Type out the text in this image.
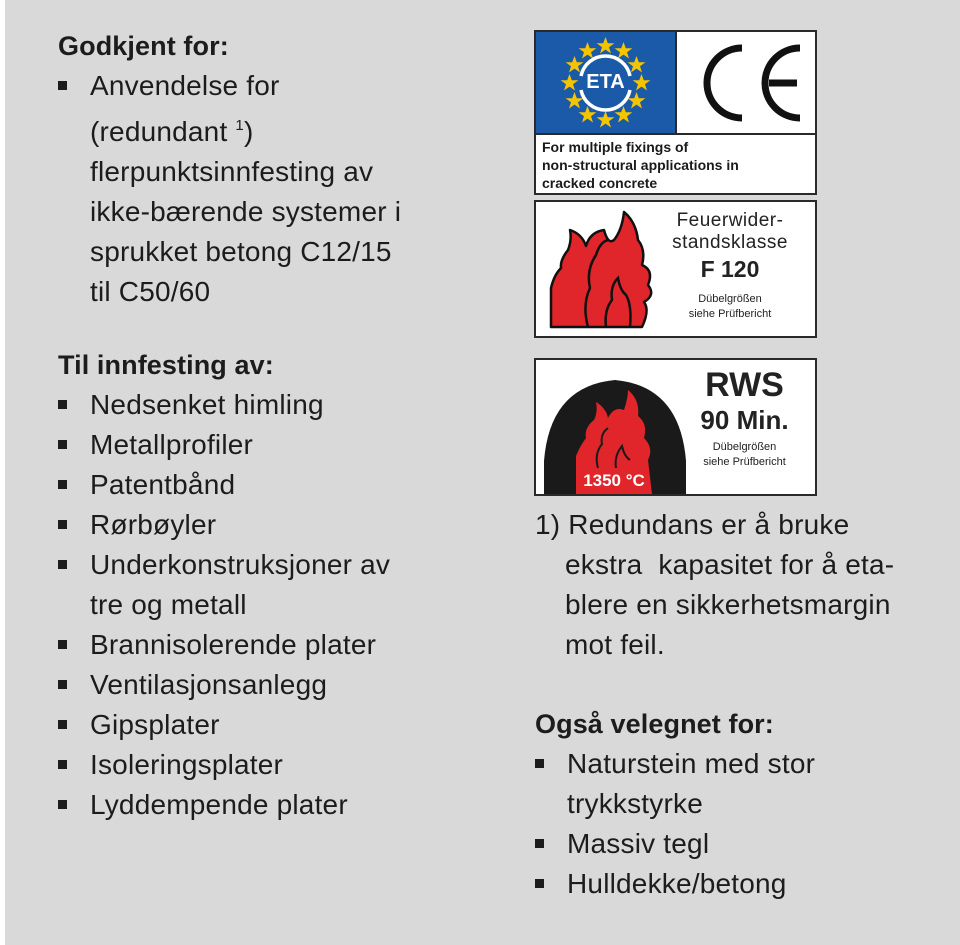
Godkjent for:
Anvendelse for
(redundant $^1$)
flerpunktsinnfesting av
ikke-bærende systemer i
sprukket betong C12/15
til C50/60
Til innfesting av:
Nedsenket himling
Metallprofiler
Patentbånd
Rørbøyler
Underkonstruksjoner av
tre og metall
Brannisolerende plater
Ventilasjonsanlegg
Gipsplater
Isoleringsplater
Lyddempende plater
ETA
For multiple fixings of
non-structural applications in
cracked concrete
Feuerwider-
standsklasse
F 120
Dübelgrößen
siehe Prüfbericht
1350 °C
RWS
90 Min.
Dübelgrößen
siehe Prüfbericht
1) Redundans er å bruke
ekstra  kapasitet for å eta-
blere en sikkerhetsmargin
mot feil.
Også velegnet for:
Naturstein med stor
trykkstyrke
Massiv tegl
Hulldekke/betong
